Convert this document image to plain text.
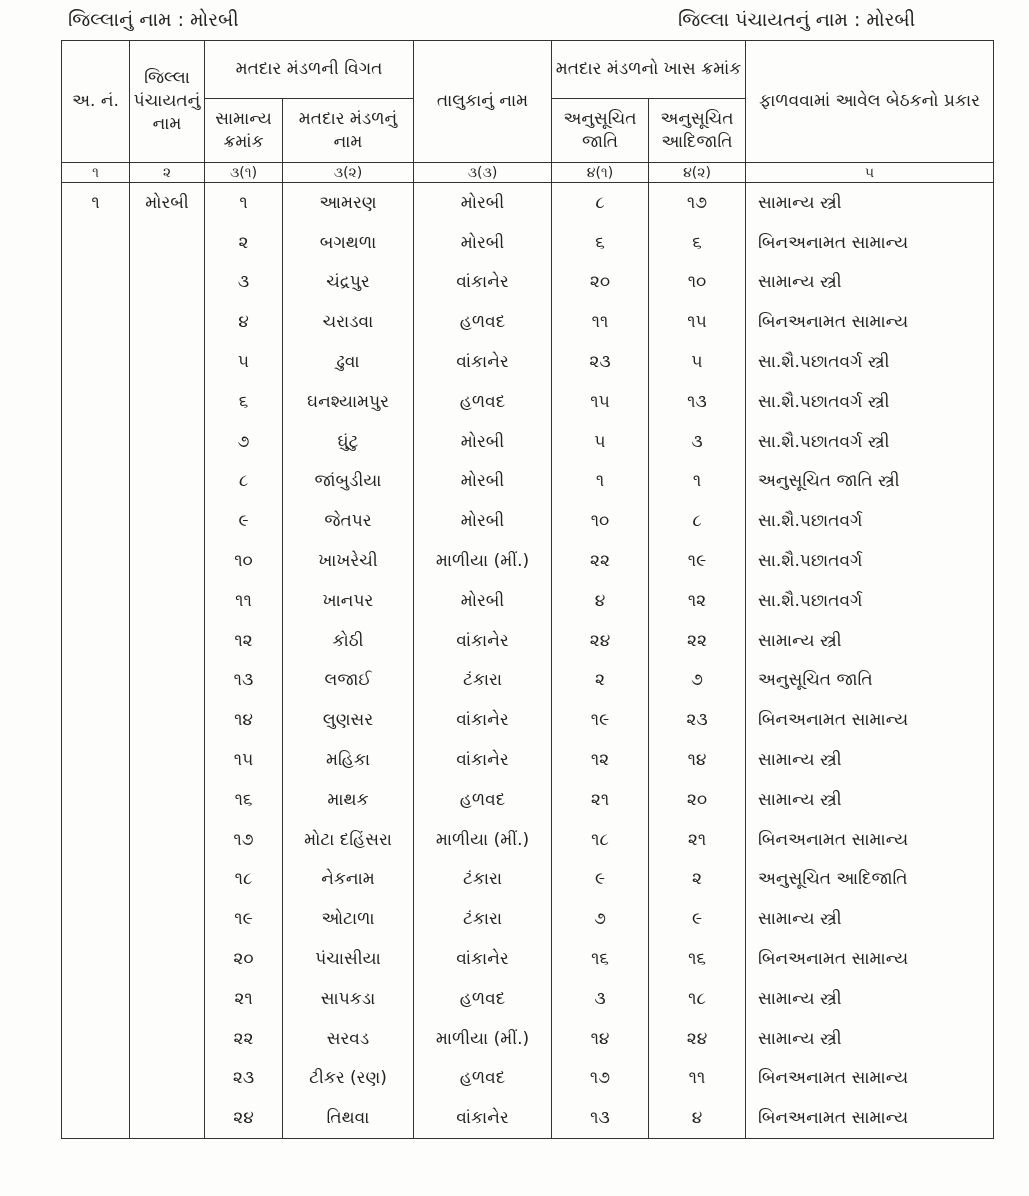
જિલ્લાનું નામ : મોરબી	જિલ્લા પંચાયતનું નામ : મોરબી
અ. નં.	જિલ્લા પંચાયતનું નામ	મતદાર મંડળની વિગત		તાલુકાનું નામ	મતદાર મંડળનો ખાસ ક્રમાંક		ફાળવવામાં આવેલ બેઠકનો પ્રકાર
		સામાન્ય ક્રમાંક	મતદાર મંડળનું નામ		અનુસૂચિત જાતિ	અનુસૂચિત આદિજાતિ	
૧	૨	૩(૧)	૩(૨)	૩(૩)	૪(૧)	૪(૨)	૫
૧	મોરબી	૧	આમરણ	મોરબી	૮	૧૭	સામાન્ય સ્ત્રી
		૨	બગથળા	મોરબી	૬	૬	બિનઅનામત સામાન્ય
		૩	ચંદ્રપુર	વાંકાનેર	૨૦	૧૦	સામાન્ય સ્ત્રી
		૪	ચરાડવા	હળવદ	૧૧	૧૫	બિનઅનામત સામાન્ય
		૫	ઢુવા	વાંકાનેર	૨૩	૫	સા.શૈ.પછાતવર્ગ સ્ત્રી
		૬	ઘનશ્યામપુર	હળવદ	૧૫	૧૩	સા.શૈ.પછાતવર્ગ સ્ત્રી
		૭	ઘુંટુ	મોરબી	૫	૩	સા.શૈ.પછાતવર્ગ સ્ત્રી
		૮	જાંબુડીયા	મોરબી	૧	૧	અનુસૂચિત જાતિ સ્ત્રી
		૯	જેતપર	મોરબી	૧૦	૮	સા.શૈ.પછાતવર્ગ
		૧૦	ખાખરેચી	માળીયા (મીં.)	૨૨	૧૯	સા.શૈ.પછાતવર્ગ
		૧૧	ખાનપર	મોરબી	૪	૧૨	સા.શૈ.પછાતવર્ગ
		૧૨	કોઠી	વાંકાનેર	૨૪	૨૨	સામાન્ય સ્ત્રી
		૧૩	લજાઈ	ટંકારા	૨	૭	અનુસૂચિત જાતિ
		૧૪	લુણસર	વાંકાનેર	૧૯	૨૩	બિનઅનામત સામાન્ય
		૧૫	મહિકા	વાંકાનેર	૧૨	૧૪	સામાન્ય સ્ત્રી
		૧૬	માથક	હળવદ	૨૧	૨૦	સામાન્ય સ્ત્રી
		૧૭	મોટા દહિંસરા	માળીયા (મીં.)	૧૮	૨૧	બિનઅનામત સામાન્ય
		૧૮	નેકનામ	ટંકારા	૯	૨	અનુસૂચિત આદિજાતિ
		૧૯	ઓટાળા	ટંકારા	૭	૯	સામાન્ય સ્ત્રી
		૨૦	પંચાસીયા	વાંકાનેર	૧૬	૧૬	બિનઅનામત સામાન્ય
		૨૧	સાપકડા	હળવદ	૩	૧૮	સામાન્ય સ્ત્રી
		૨૨	સરવડ	માળીયા (મીં.)	૧૪	૨૪	સામાન્ય સ્ત્રી
		૨૩	ટીકર (રણ)	હળવદ	૧૭	૧૧	બિનઅનામત સામાન્ય
		૨૪	તિથવા	વાંકાનેર	૧૩	૪	બિનઅનામત સામાન્ય
